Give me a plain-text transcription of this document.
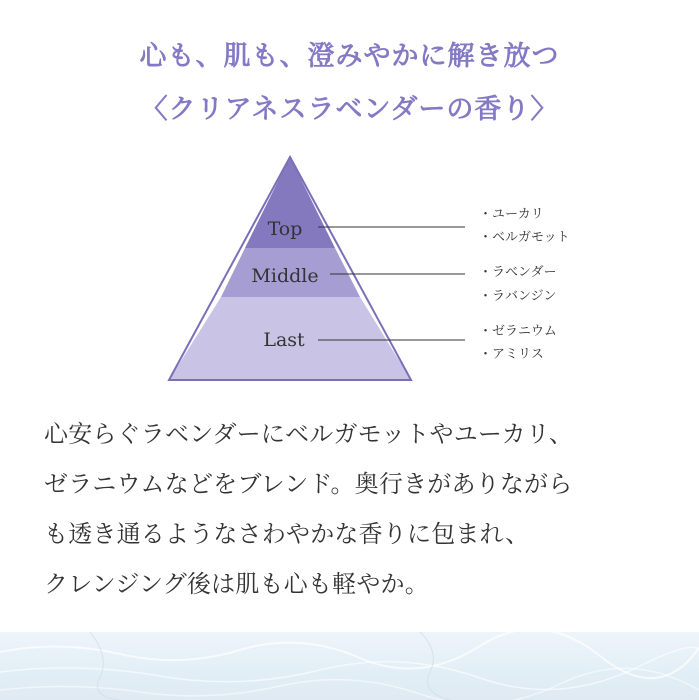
心も、肌も、澄みやかに解き放つ
〈クリアネスラベンダーの香り〉
Top
Middle
Last
・ユーカリ
・ベルガモット
・ラベンダー
・ラバンジン
・ゼラニウム
・アミリス
心安らぐラベンダーにベルガモットやユーカリ、
ゼラニウムなどをブレンド。奥行きがありながら
も透き通るようなさわやかな香りに包まれ、
クレンジング後は肌も心も軽やか。
